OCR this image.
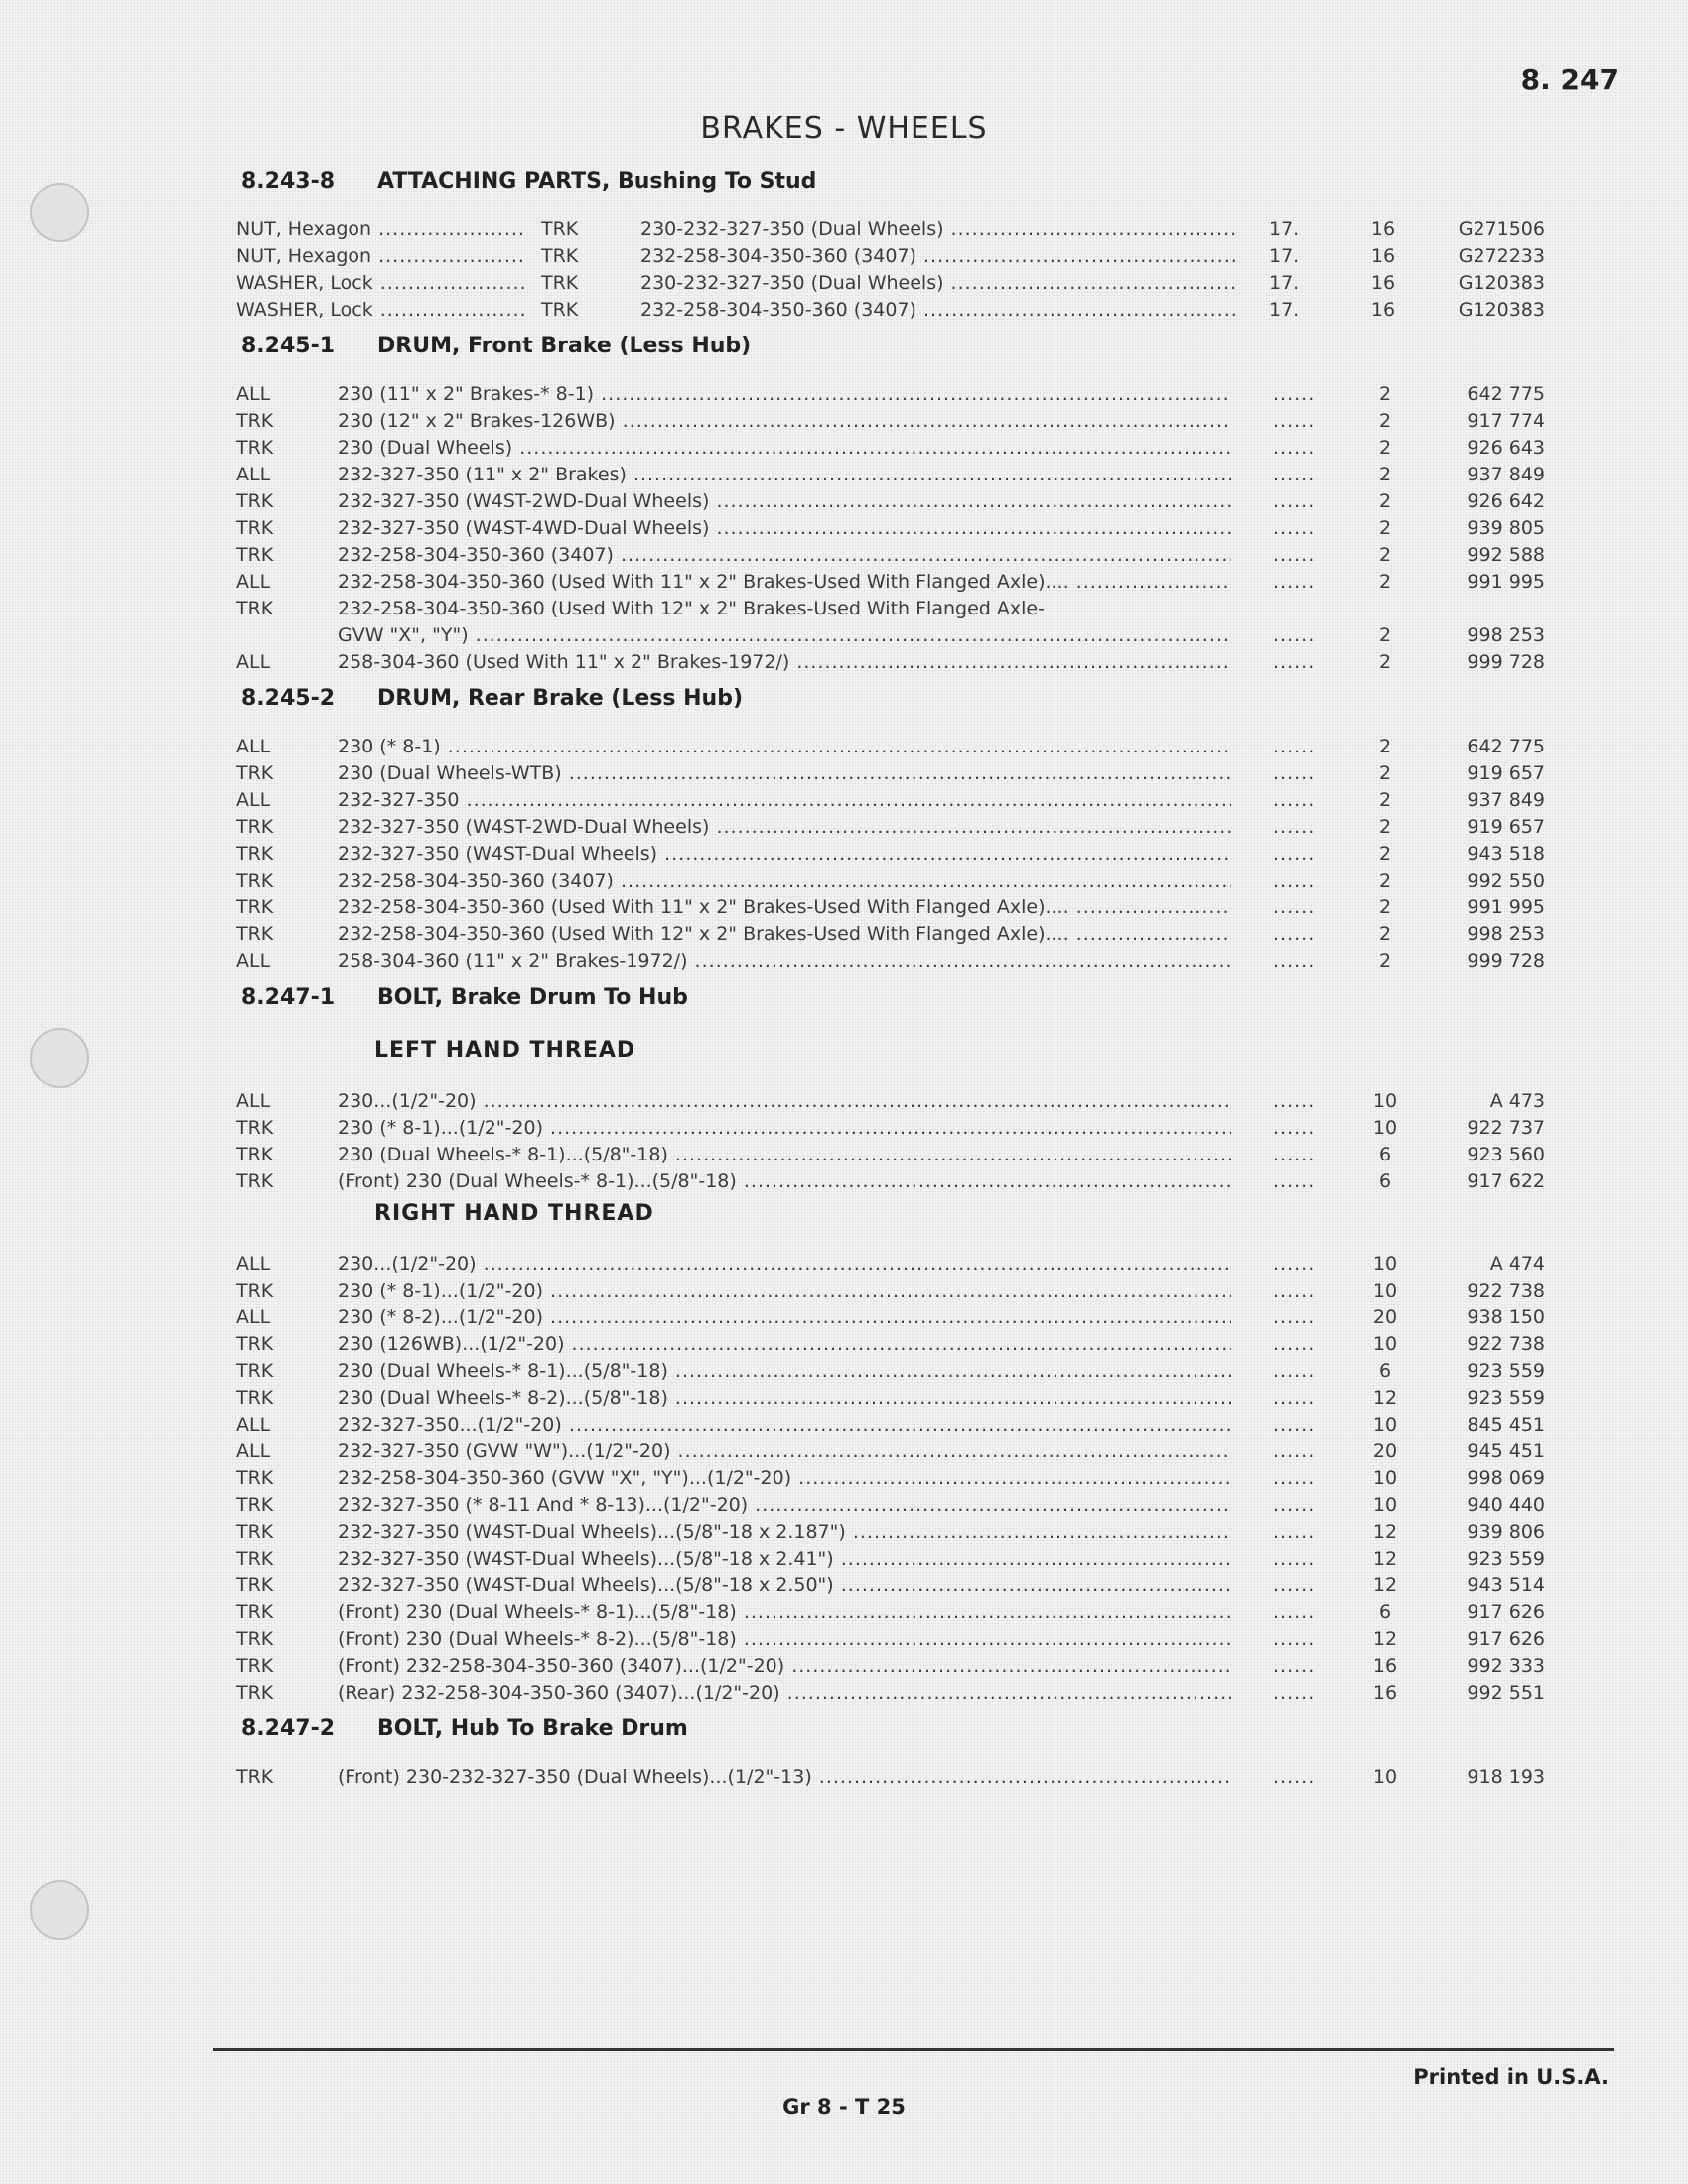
8. 247
BRAKES - WHEELS
8.243-8 ATTACHING PARTS, Bushing To Stud
NUT, Hexagon .....	TRK	230-232-327-350 (Dual Wheels) .....	17.	16	G271506
NUT, Hexagon .....	TRK	232-258-304-350-360 (3407) .....	17.	16	G272233
WASHER, Lock .....	TRK	230-232-327-350 (Dual Wheels) .....	17.	16	G120383
WASHER, Lock .....	TRK	232-258-304-350-360 (3407) .....	17.	16	G120383
8.245-1 DRUM, Front Brake (Less Hub)
ALL	230 (11" x 2" Brakes-* 8-1) .....	......	2	642 775
TRK	230 (12" x 2" Brakes-126WB) .....	......	2	917 774
TRK	230 (Dual Wheels) .....	......	2	926 643
ALL	232-327-350 (11" x 2" Brakes) .....	......	2	937 849
TRK	232-327-350 (W4ST-2WD-Dual Wheels) .....	......	2	926 642
TRK	232-327-350 (W4ST-4WD-Dual Wheels) .....	......	2	939 805
TRK	232-258-304-350-360 (3407) .....	......	2	992 588
ALL	232-258-304-350-360 (Used With 11" x 2" Brakes-Used With Flanged Axle).... .....	......	2	991 995
TRK	232-258-304-350-360 (Used With 12" x 2" Brakes-Used With Flanged Axle-
GVW "X", "Y") .....	......	2	998 253
ALL	258-304-360 (Used With 11" x 2" Brakes-1972/) .....	......	2	999 728
8.245-2 DRUM, Rear Brake (Less Hub)
ALL	230 (* 8-1) .....	......	2	642 775
TRK	230 (Dual Wheels-WTB) .....	......	2	919 657
ALL	232-327-350 .....	......	2	937 849
TRK	232-327-350 (W4ST-2WD-Dual Wheels) .....	......	2	919 657
TRK	232-327-350 (W4ST-Dual Wheels) .....	......	2	943 518
TRK	232-258-304-350-360 (3407) .....	......	2	992 550
TRK	232-258-304-350-360 (Used With 11" x 2" Brakes-Used With Flanged Axle).... .....	......	2	991 995
TRK	232-258-304-350-360 (Used With 12" x 2" Brakes-Used With Flanged Axle).... .....	......	2	998 253
ALL	258-304-360 (11" x 2" Brakes-1972/) .....	......	2	999 728
8.247-1 BOLT, Brake Drum To Hub
LEFT HAND THREAD
ALL	230...(1/2"-20) .....	......	10	A 473
TRK	230 (* 8-1)...(1/2"-20) .....	......	10	922 737
TRK	230 (Dual Wheels-* 8-1)...(5/8"-18) .....	......	6	923 560
TRK	(Front) 230 (Dual Wheels-* 8-1)...(5/8"-18) .....	......	6	917 622
RIGHT HAND THREAD
ALL	230...(1/2"-20) .....	......	10	A 474
TRK	230 (* 8-1)...(1/2"-20) .....	......	10	922 738
ALL	230 (* 8-2)...(1/2"-20) .....	......	20	938 150
TRK	230 (126WB)...(1/2"-20) .....	......	10	922 738
TRK	230 (Dual Wheels-* 8-1)...(5/8"-18) .....	......	6	923 559
TRK	230 (Dual Wheels-* 8-2)...(5/8"-18) .....	......	12	923 559
ALL	232-327-350...(1/2"-20) .....	......	10	845 451
ALL	232-327-350 (GVW "W")...(1/2"-20) .....	......	20	945 451
TRK	232-258-304-350-360 (GVW "X", "Y")...(1/2"-20) .....	......	10	998 069
TRK	232-327-350 (* 8-11 And * 8-13)...(1/2"-20) .....	......	10	940 440
TRK	232-327-350 (W4ST-Dual Wheels)...(5/8"-18 x 2.187") .....	......	12	939 806
TRK	232-327-350 (W4ST-Dual Wheels)...(5/8"-18 x 2.41") .....	......	12	923 559
TRK	232-327-350 (W4ST-Dual Wheels)...(5/8"-18 x 2.50") .....	......	12	943 514
TRK	(Front) 230 (Dual Wheels-* 8-1)...(5/8"-18) .....	......	6	917 626
TRK	(Front) 230 (Dual Wheels-* 8-2)...(5/8"-18) .....	......	12	917 626
TRK	(Front) 232-258-304-350-360 (3407)...(1/2"-20) .....	......	16	992 333
TRK	(Rear) 232-258-304-350-360 (3407)...(1/2"-20) .....	......	16	992 551
8.247-2 BOLT, Hub To Brake Drum
TRK	(Front) 230-232-327-350 (Dual Wheels)...(1/2"-13) .....	......	10	918 193
Printed in U.S.A.
Gr 8 - T 25
